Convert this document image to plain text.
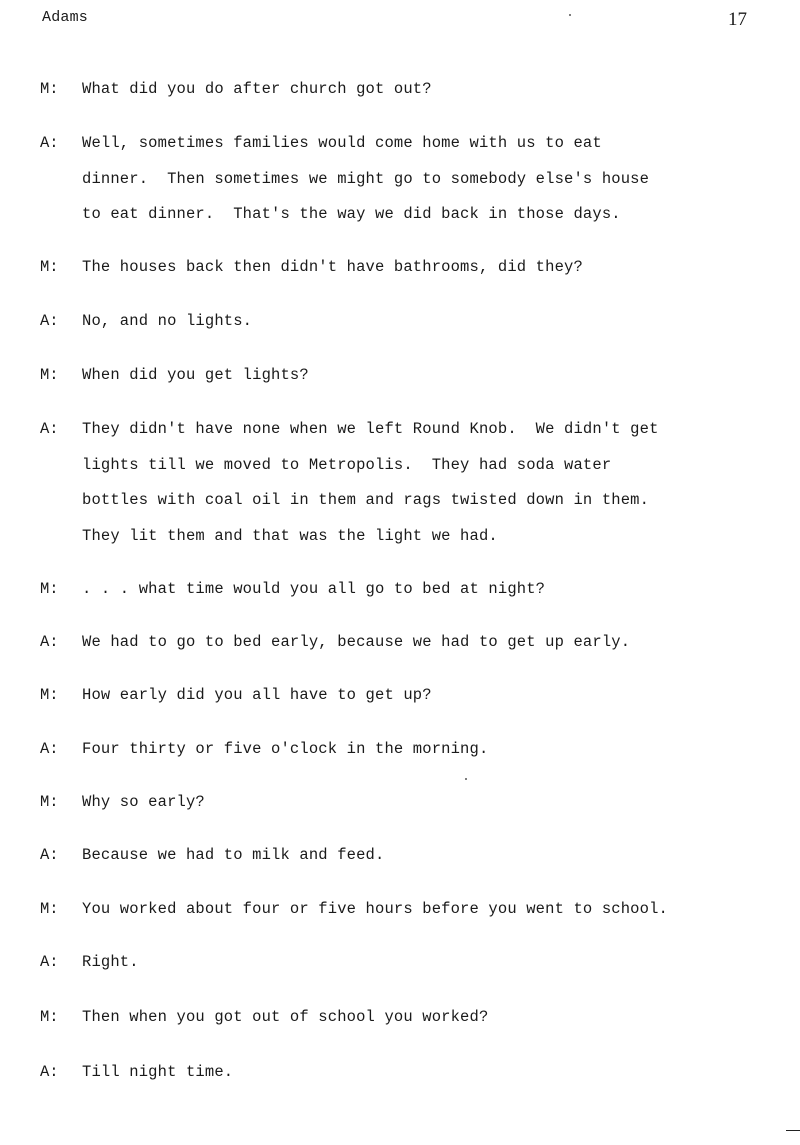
Adams	17
M: What did you do after church got out?
A: Well, sometimes families would come home with us to eat
dinner.  Then sometimes we might go to somebody else's house
to eat dinner.  That's the way we did back in those days.
M: The houses back then didn't have bathrooms, did they?
A: No, and no lights.
M: When did you get lights?
A: They didn't have none when we left Round Knob.  We didn't get
lights till we moved to Metropolis.  They had soda water
bottles with coal oil in them and rags twisted down in them.
They lit them and that was the light we had.
M: . . . what time would you all go to bed at night?
A: We had to go to bed early, because we had to get up early.
M: How early did you all have to get up?
A: Four thirty or five o'clock in the morning.
M: Why so early?
A: Because we had to milk and feed.
M: You worked about four or five hours before you went to school.
A: Right.
M: Then when you got out of school you worked?
A: Till night time.
